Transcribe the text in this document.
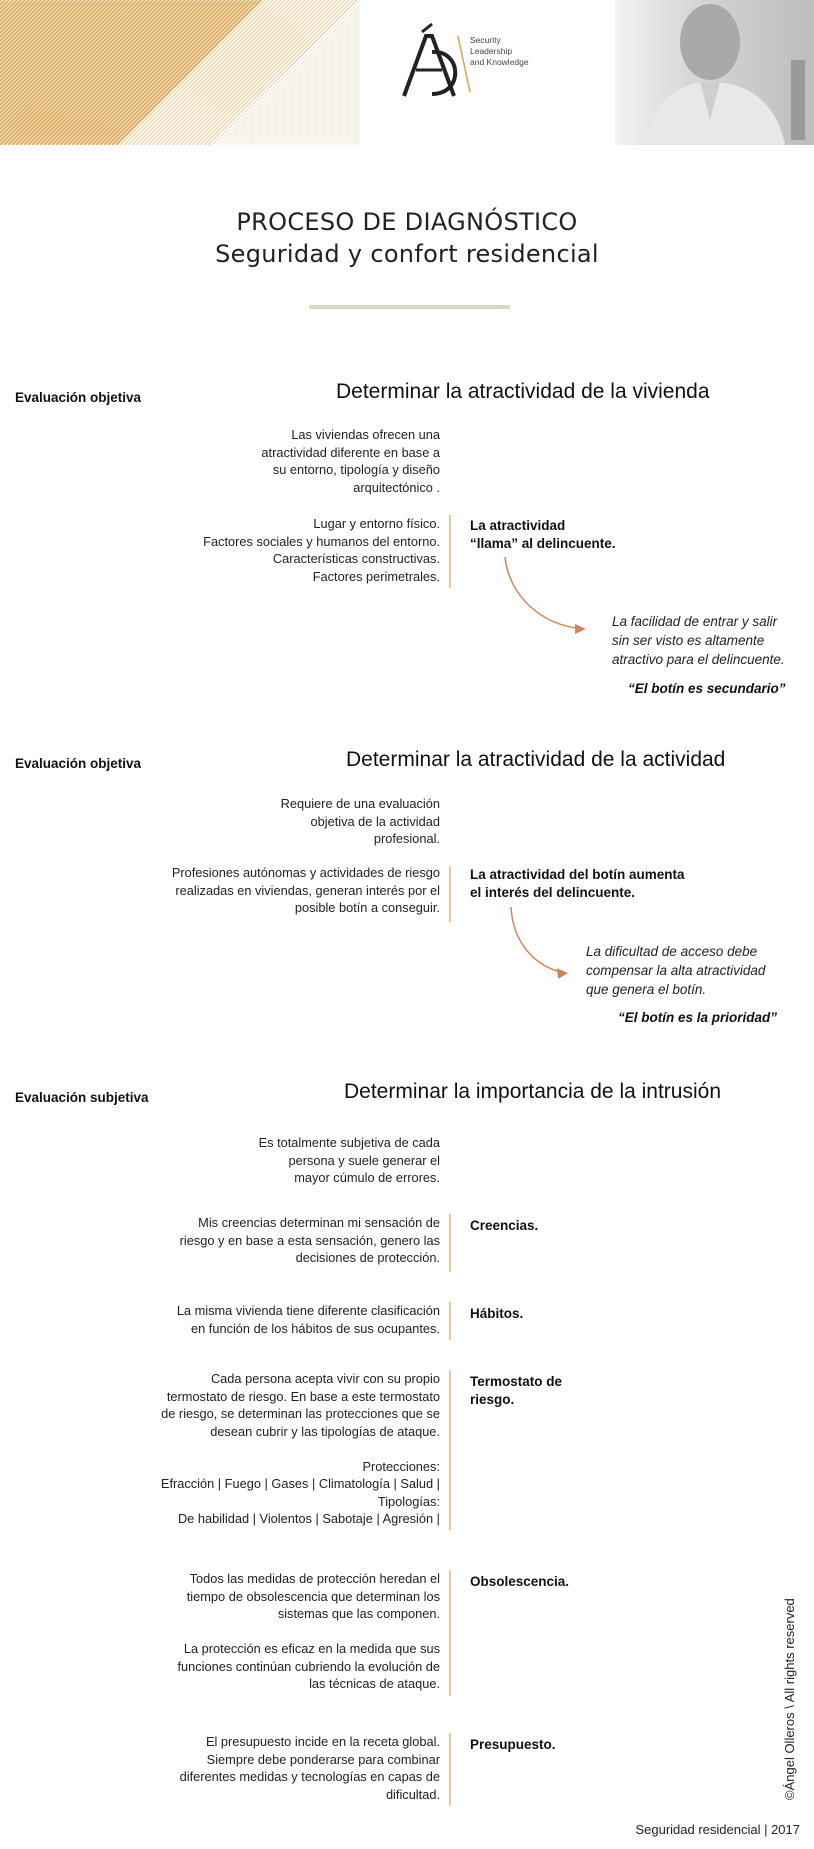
Security
Leadership
and Knowledge
PROCESO DE DIAGNÓSTICO
Seguridad y confort residencial
Evaluación objetiva	Determinar la atractividad de la vivienda
Las viviendas ofrecen una
atractividad diferente en base a
su entorno, tipología y diseño
arquitectónico .
Lugar y entorno físico.
Factores sociales y humanos del entorno.
Características constructivas.
Factores perimetrales.
La atractividad
“llama” al delincuente.
La facilidad de entrar y salir
sin ser visto es altamente
atractivo para el delincuente.
“El botín es secundario”
Evaluación objetiva	Determinar la atractividad de la actividad
Requiere de una evaluación
objetiva de la actividad
profesional.
Profesiones autónomas y actividades de riesgo
realizadas en viviendas, generan interés por el
posible botín a conseguir.
La atractividad del botín aumenta
el interés del delincuente.
La dificultad de acceso debe
compensar la alta atractividad
que genera el botín.
“El botín es la prioridad”
Evaluación subjetiva	Determinar la importancia de la intrusión
Es totalmente subjetiva de cada
persona y suele generar el
mayor cúmulo de errores.
Mis creencias determinan mi sensación de
riesgo y en base a esta sensación, genero las
decisiones de protección.
Creencias.
La misma vivienda tiene diferente clasificación
en función de los hábitos de sus ocupantes.
Hábitos.
Cada persona acepta vivir con su propio
termostato de riesgo. En base a este termostato
de riesgo, se determinan las protecciones que se
desean cubrir y las tipologías de ataque.
Protecciones:
Efracción | Fuego | Gases | Climatología | Salud |
Tipologías:
De habilidad | Violentos | Sabotaje | Agresión |
Termostato de
riesgo.
Todos las medidas de protección heredan el
tiempo de obsolescencia que determinan los
sistemas que las componen.
La protección es eficaz en la medida que sus
funciones continúan cubriendo la evolución de
las técnicas de ataque.
Obsolescencia.
El presupuesto incide en la receta global.
Siempre debe ponderarse para combinar
diferentes medidas y tecnologías en capas de
dificultad.
Presupuesto.	©Ángel Olleros \ All rights reserved
Seguridad residencial | 2017
